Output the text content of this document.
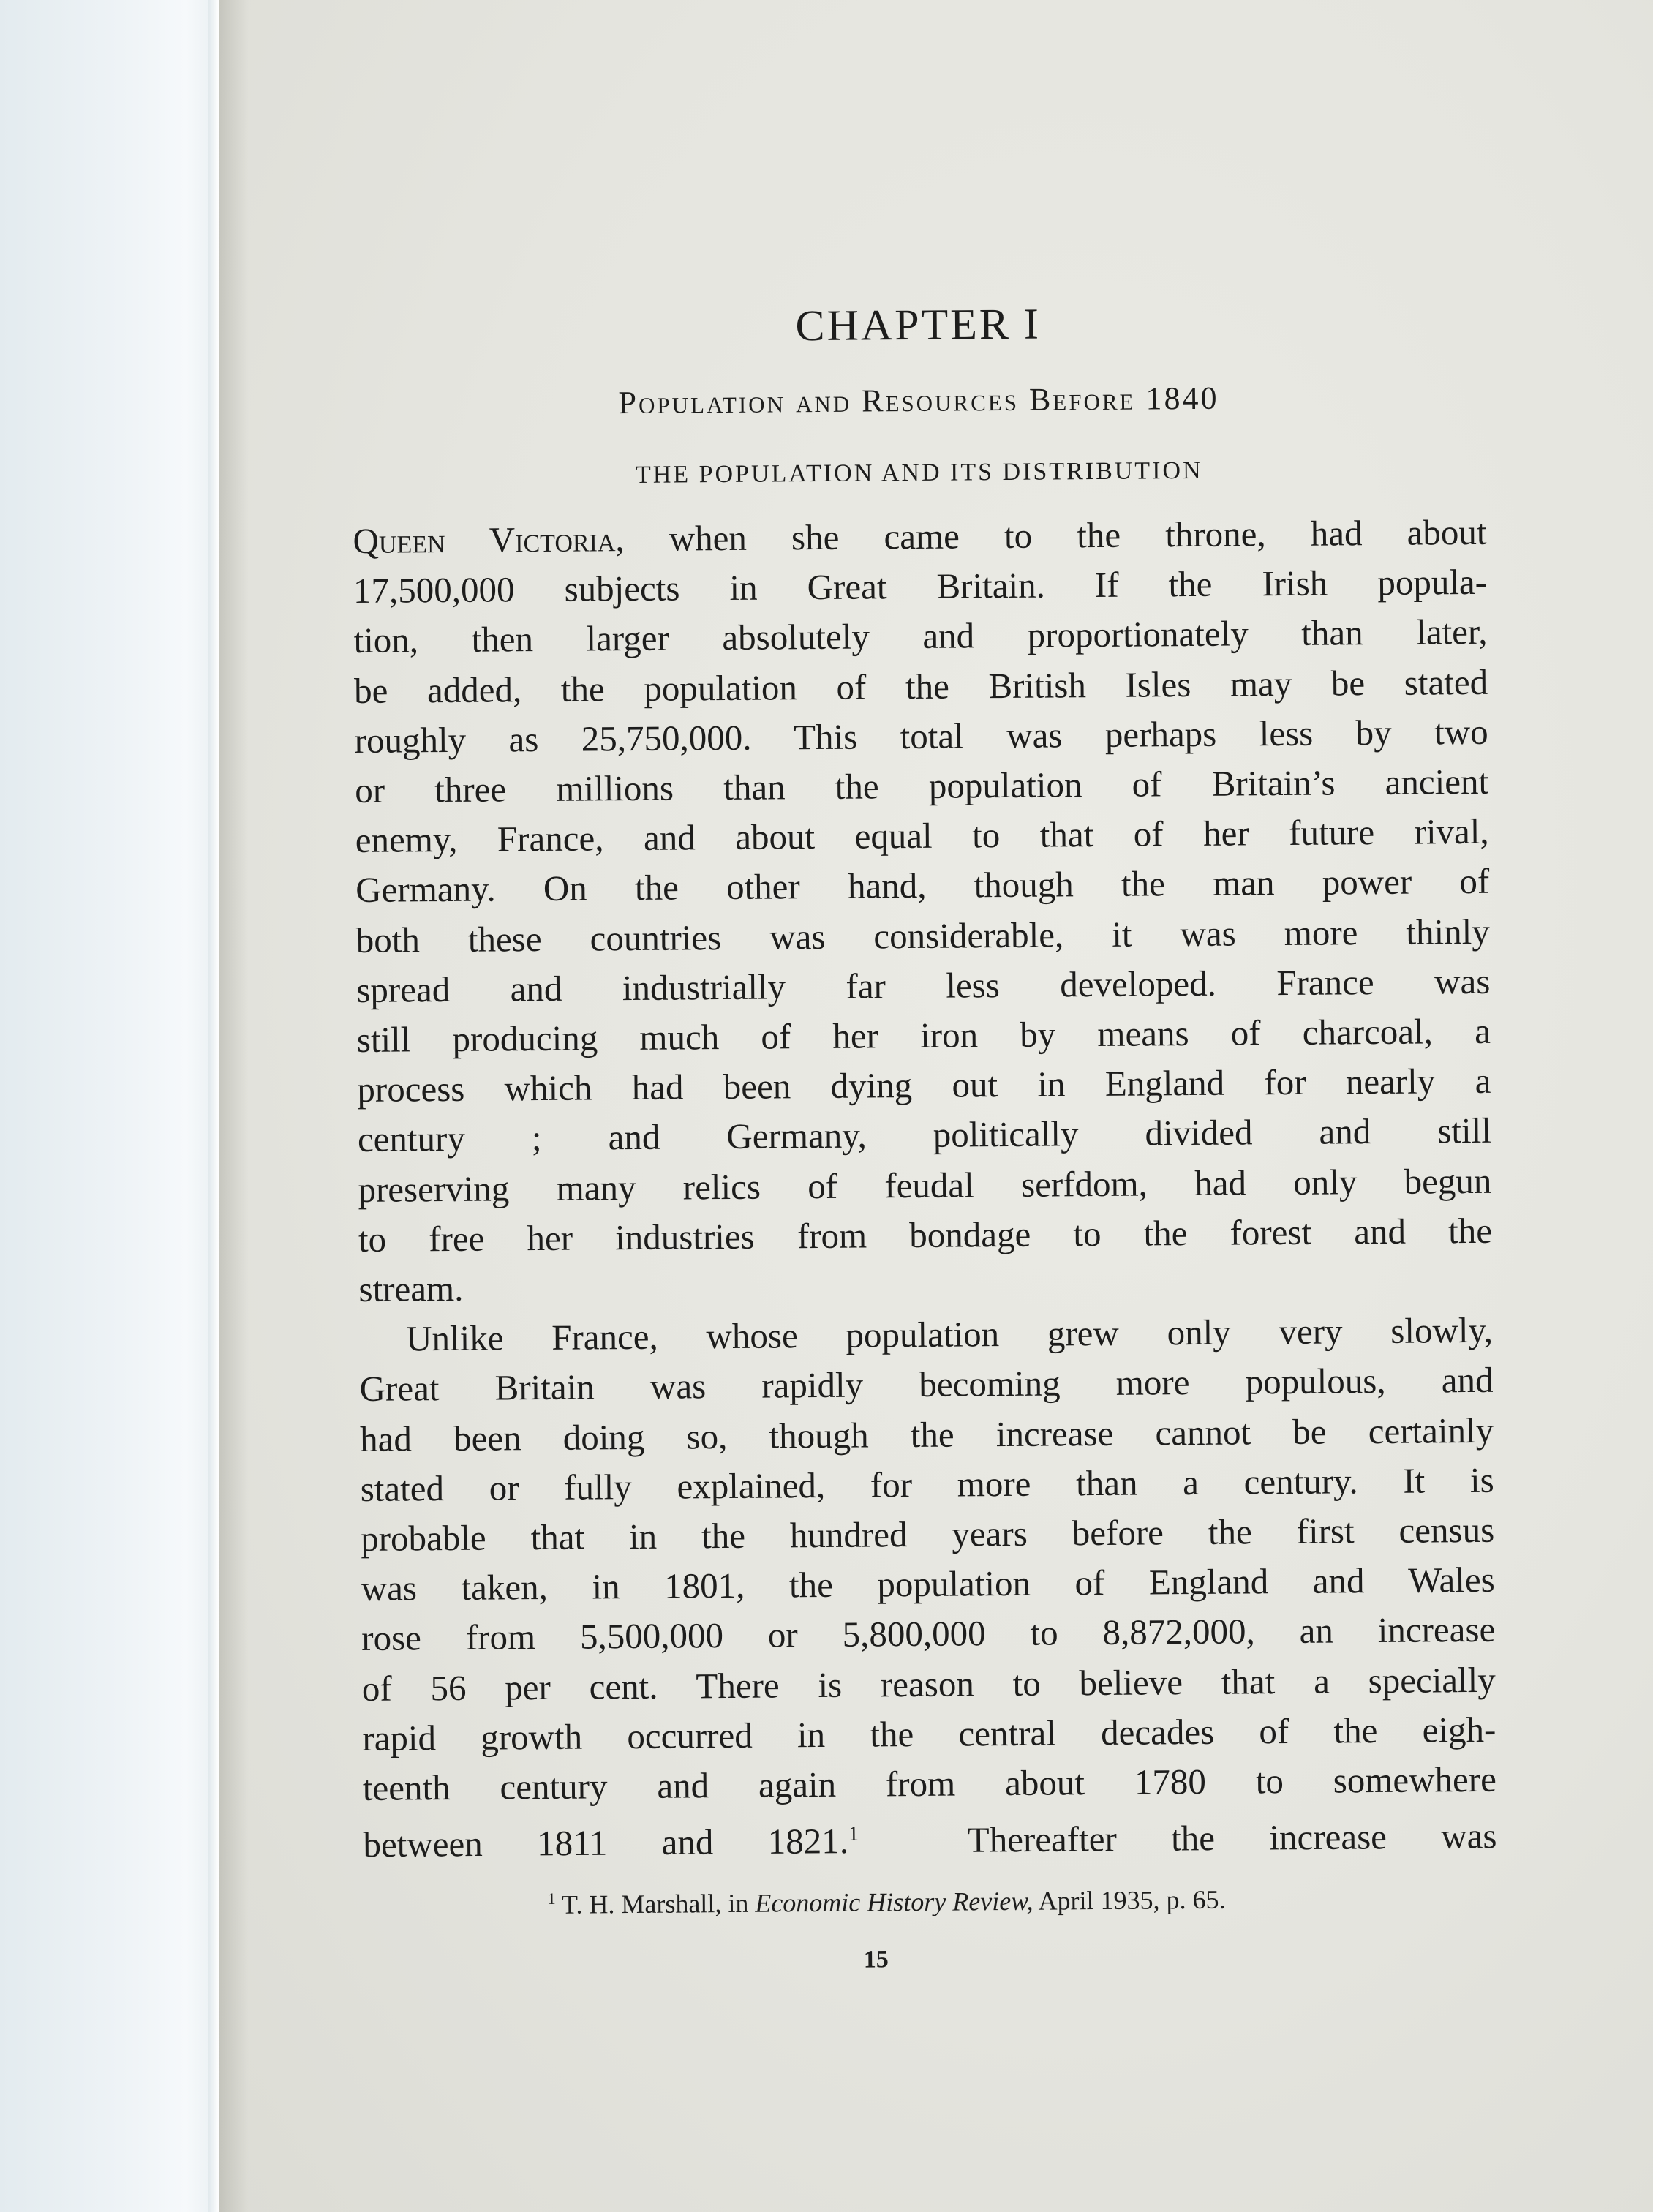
CHAPTER I
Population and Resources Before 1840
THE POPULATION AND ITS DISTRIBUTION
Queen Victoria, when she came to the throne, had about
17,500,000 subjects in Great Britain. If the Irish popula-
tion, then larger absolutely and proportionately than later,
be added, the population of the British Isles may be stated
roughly as 25,750,000. This total was perhaps less by two
or three millions than the population of Britain’s ancient
enemy, France, and about equal to that of her future rival,
Germany. On the other hand, though the man power of
both these countries was considerable, it was more thinly
spread and industrially far less developed. France was
still producing much of her iron by means of charcoal, a
process which had been dying out in England for nearly a
century ; and Germany, politically divided and still
preserving many relics of feudal serfdom, had only begun
to free her industries from bondage to the forest and the
stream.
Unlike France, whose population grew only very slowly,
Great Britain was rapidly becoming more populous, and
had been doing so, though the increase cannot be certainly
stated or fully explained, for more than a century. It is
probable that in the hundred years before the first census
was taken, in 1801, the population of England and Wales
rose from 5,500,000 or 5,800,000 to 8,872,000, an increase
of 56 per cent. There is reason to believe that a specially
rapid growth occurred in the central decades of the eigh-
teenth century and again from about 1780 to somewhere
between 1811 and 1821.$^1$	Thereafter the increase was
$^1$ T. H. Marshall, in Economic History Review, April 1935, p. 65.
15
